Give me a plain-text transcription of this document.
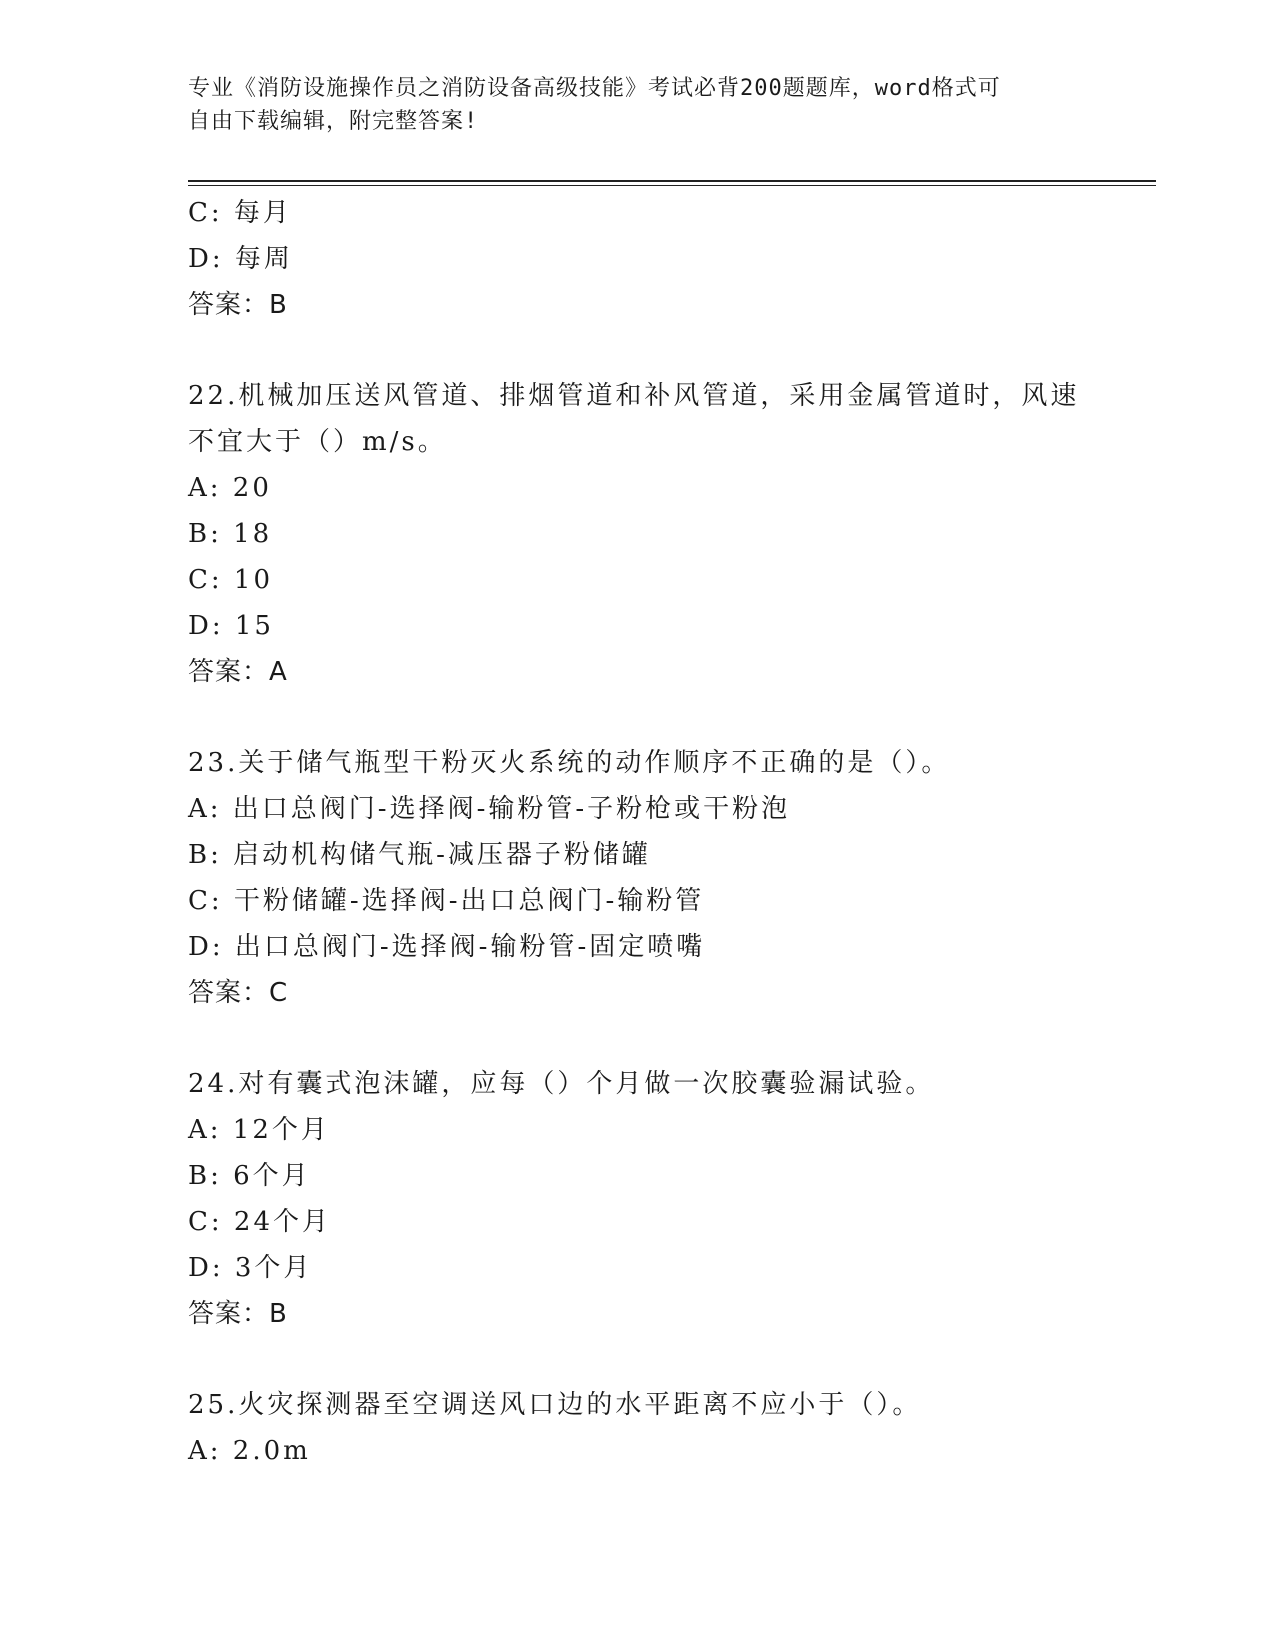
专业《消防设施操作员之消防设备高级技能》考试必背200题题库，word格式可
自由下载编辑，附完整答案!
C: 每月
D: 每周
答案：B
22.机械加压送风管道、排烟管道和补风管道，采用金属管道时，风速
不宜大于（）m/s。
A: 20
B: 18
C: 10
D: 15
答案：A
23.关于储气瓶型干粉灭火系统的动作顺序不正确的是（）。
A: 出口总阀门-选择阀-输粉管-子粉枪或干粉泡
B: 启动机构储气瓶-减压器子粉储罐
C: 干粉储罐-选择阀-出口总阀门-输粉管
D: 出口总阀门-选择阀-输粉管-固定喷嘴
答案：C
24.对有囊式泡沫罐，应每（）个月做一次胶囊验漏试验。
A: 12个月
B: 6个月
C: 24个月
D: 3个月
答案：B
25.火灾探测器至空调送风口边的水平距离不应小于（）。
A: 2.0m
